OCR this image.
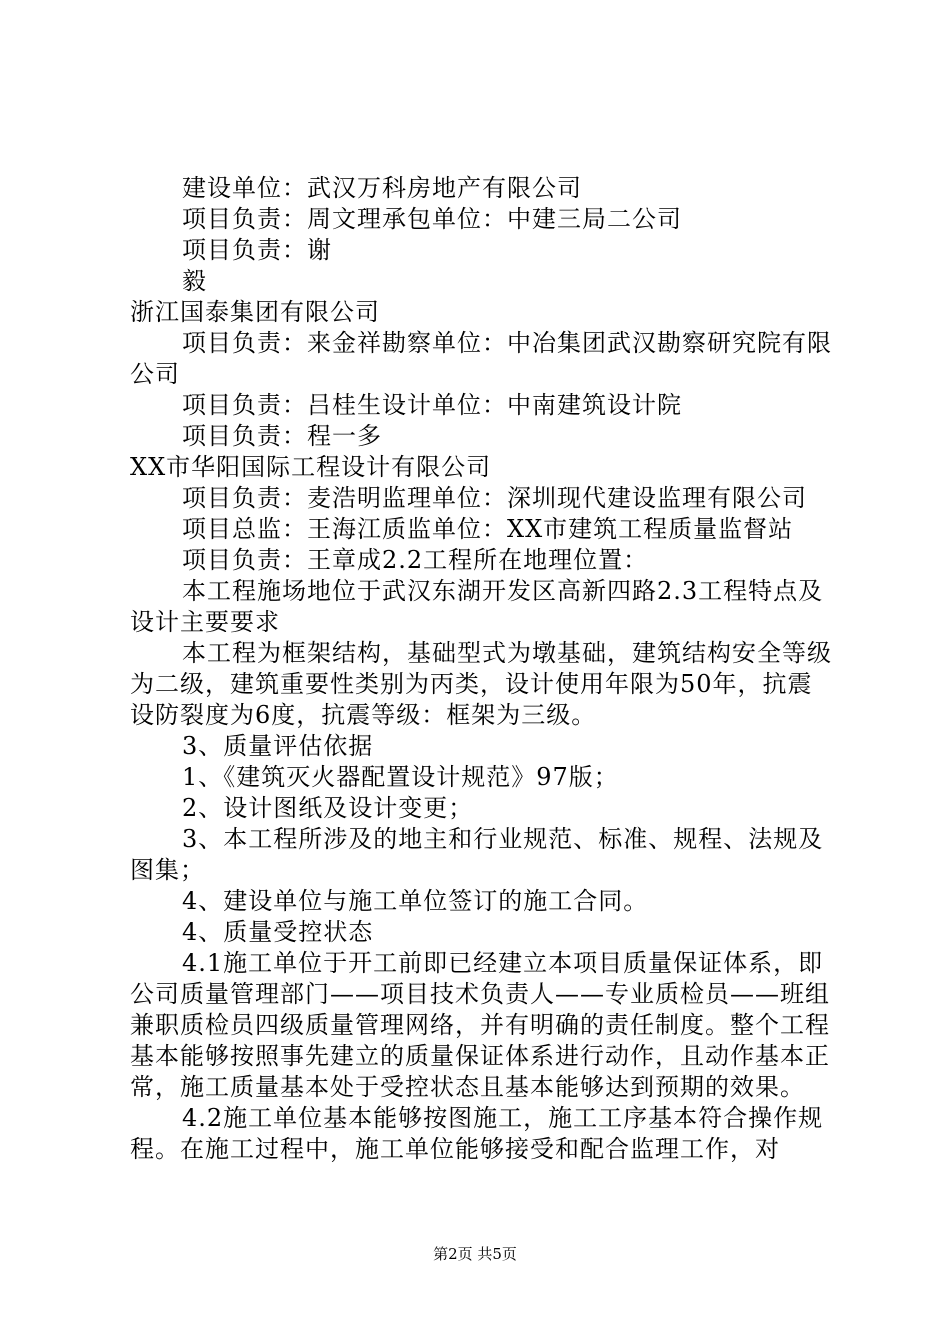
建设单位：武汉万科房地产有限公司

项目负责：周文理承包单位：中建三局二公司

项目负责：谢

毅

浙江国泰集团有限公司

项目负责：来金祥勘察单位：中冶集团武汉勘察研究院有限公司

项目负责：吕桂生设计单位：中南建筑设计院

项目负责：程一多

XX市华阳国际工程设计有限公司

项目负责：麦浩明监理单位：深圳现代建设监理有限公司

项目总监：王海江质监单位：XX市建筑工程质量监督站

项目负责：王章成2.2工程所在地理位置：

本工程施场地位于武汉东湖开发区高新四路2.3工程特点及设计主要要求

本工程为框架结构，基础型式为墩基础，建筑结构安全等级为二级，建筑重要性类别为丙类，设计使用年限为50年，抗震设防裂度为6度，抗震等级：框架为三级。

3、质量评估依据

1、《建筑灭火器配置设计规范》97版；

2、设计图纸及设计变更；

3、本工程所涉及的地主和行业规范、标准、规程、法规及图集；

4、建设单位与施工单位签订的施工合同。

4、质量受控状态

4.1施工单位于开工前即已经建立本项目质量保证体系，即公司质量管理部门——项目技术负责人——专业质检员——班组兼职质检员四级质量管理网络，并有明确的责任制度。整个工程基本能够按照事先建立的质量保证体系进行动作，且动作基本正常，施工质量基本处于受控状态且基本能够达到预期的效果。

4.2施工单位基本能够按图施工，施工工序基本符合操作规程。在施工过程中，施工单位能够接受和配合监理工作，对

第2页 共5页
